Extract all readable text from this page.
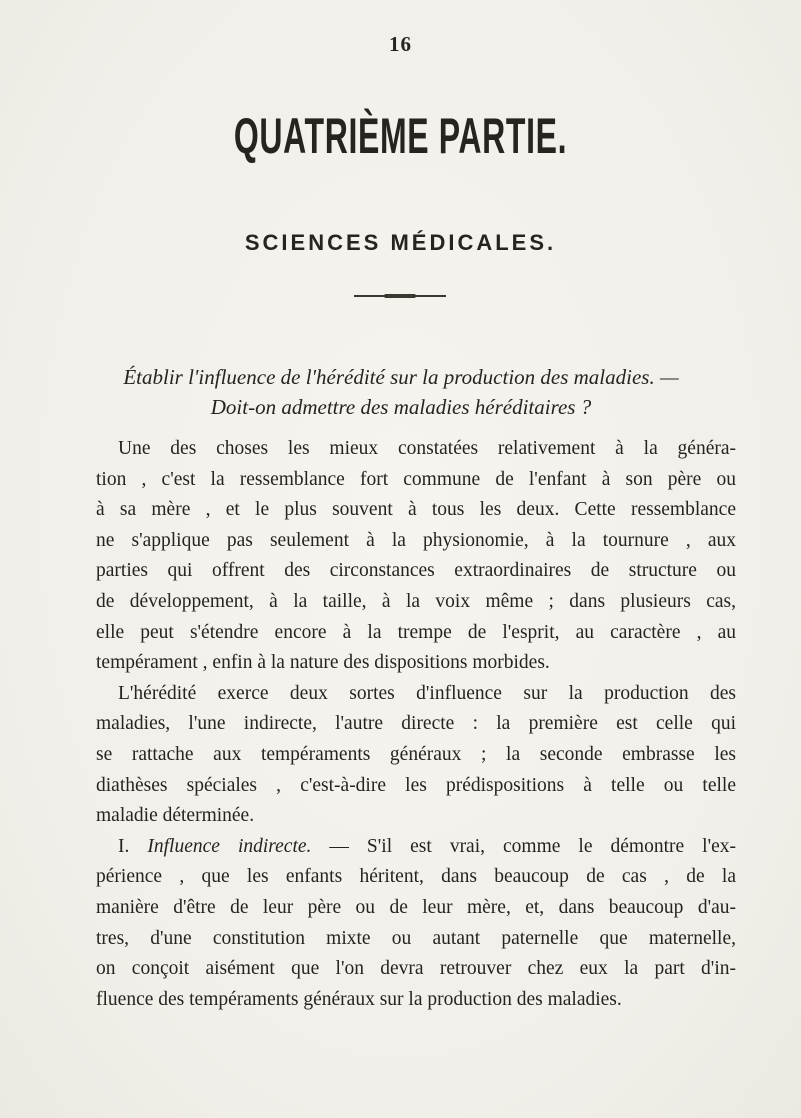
16
QUATRIÈME PARTIE.
SCIENCES MÉDICALES.
Établir l'influence de l'hérédité sur la production des maladies. —
Doit-on admettre des maladies héréditaires ?
Une des choses les mieux constatées relativement à la généra-
tion , c'est la ressemblance fort commune de l'enfant à son père ou
à sa mère , et le plus souvent à tous les deux. Cette ressemblance
ne s'applique pas seulement à la physionomie, à la tournure , aux
parties qui offrent des circonstances extraordinaires de structure ou
de développement, à la taille, à la voix même ; dans plusieurs cas,
elle peut s'étendre encore à la trempe de l'esprit, au caractère , au
tempérament , enfin à la nature des dispositions morbides.
L'hérédité exerce deux sortes d'influence sur la production des
maladies, l'une indirecte, l'autre directe : la première est celle qui
se rattache aux tempéraments généraux ; la seconde embrasse les
diathèses spéciales , c'est-à-dire les prédispositions à telle ou telle
maladie déterminée.
I. Influence indirecte. — S'il est vrai, comme le démontre l'ex-
périence , que les enfants héritent, dans beaucoup de cas , de la
manière d'être de leur père ou de leur mère, et, dans beaucoup d'au-
tres, d'une constitution mixte ou autant paternelle que maternelle,
on conçoit aisément que l'on devra retrouver chez eux la part d'in-
fluence des tempéraments généraux sur la production des maladies.
